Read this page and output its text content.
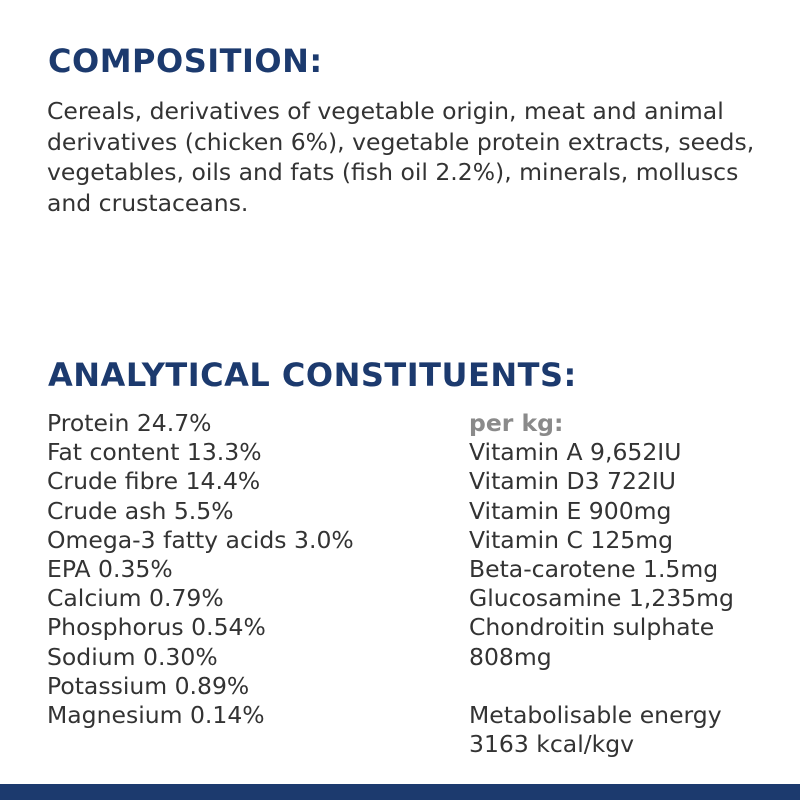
COMPOSITION:

Cereals, derivatives of vegetable origin, meat and animal derivatives (chicken 6%), vegetable protein extracts, seeds, vegetables, oils and fats (fish oil 2.2%), minerals, molluscs and crustaceans.

ANALYTICAL CONSTITUENTS:
Protein 24.7%
Fat content 13.3%
Crude fibre 14.4%
Crude ash 5.5%
Omega-3 fatty acids 3.0%
EPA 0.35%
Calcium 0.79%
Phosphorus 0.54%
Sodium 0.30%
Potassium 0.89%
Magnesium 0.14%
per kg:
Vitamin A 9,652IU
Vitamin D3 722IU
Vitamin E 900mg
Vitamin C 125mg
Beta-carotene 1.5mg
Glucosamine 1,235mg
Chondroitin sulphate
808mg
Metabolisable energy
3163 kcal/kgv
